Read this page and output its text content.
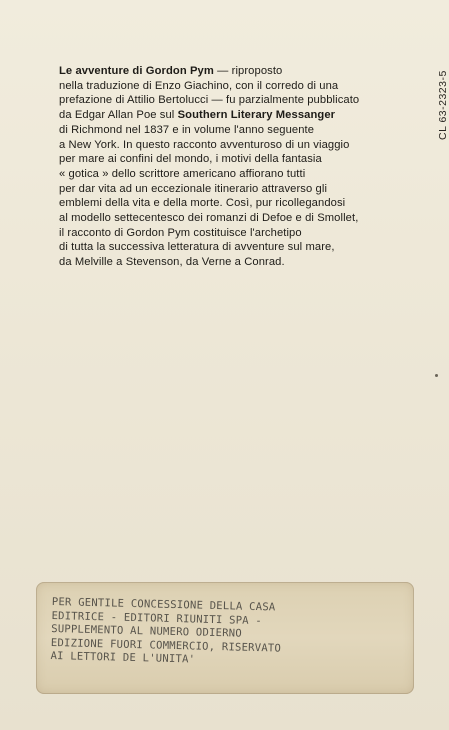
Le avventure di Gordon Pym — riproposto
nella traduzione di Enzo Giachino, con il corredo di una
prefazione di Attilio Bertolucci — fu parzialmente pubblicato
da Edgar Allan Poe sul Southern Literary Messanger
di Richmond nel 1837 e in volume l'anno seguente
a New York. In questo racconto avventuroso di un viaggio
per mare ai confini del mondo, i motivi della fantasia
« gotica » dello scrittore americano affiorano tutti
per dar vita ad un eccezionale itinerario attraverso gli
emblemi della vita e della morte. Così, pur ricollegandosi
al modello settecentesco dei romanzi di Defoe e di Smollet,
il racconto di Gordon Pym costituisce l'archetipo
di tutta la successiva letteratura di avventure sul mare,
da Melville a Stevenson, da Verne a Conrad.
CL 63-2323-5
PER GENTILE CONCESSIONE DELLA CASA
EDITRICE - EDITORI RIUNITI SPA -
SUPPLEMENTO AL NUMERO ODIERNO
EDIZIONE FUORI COMMERCIO, RISERVATO
AI LETTORI DE L'UNITA'
